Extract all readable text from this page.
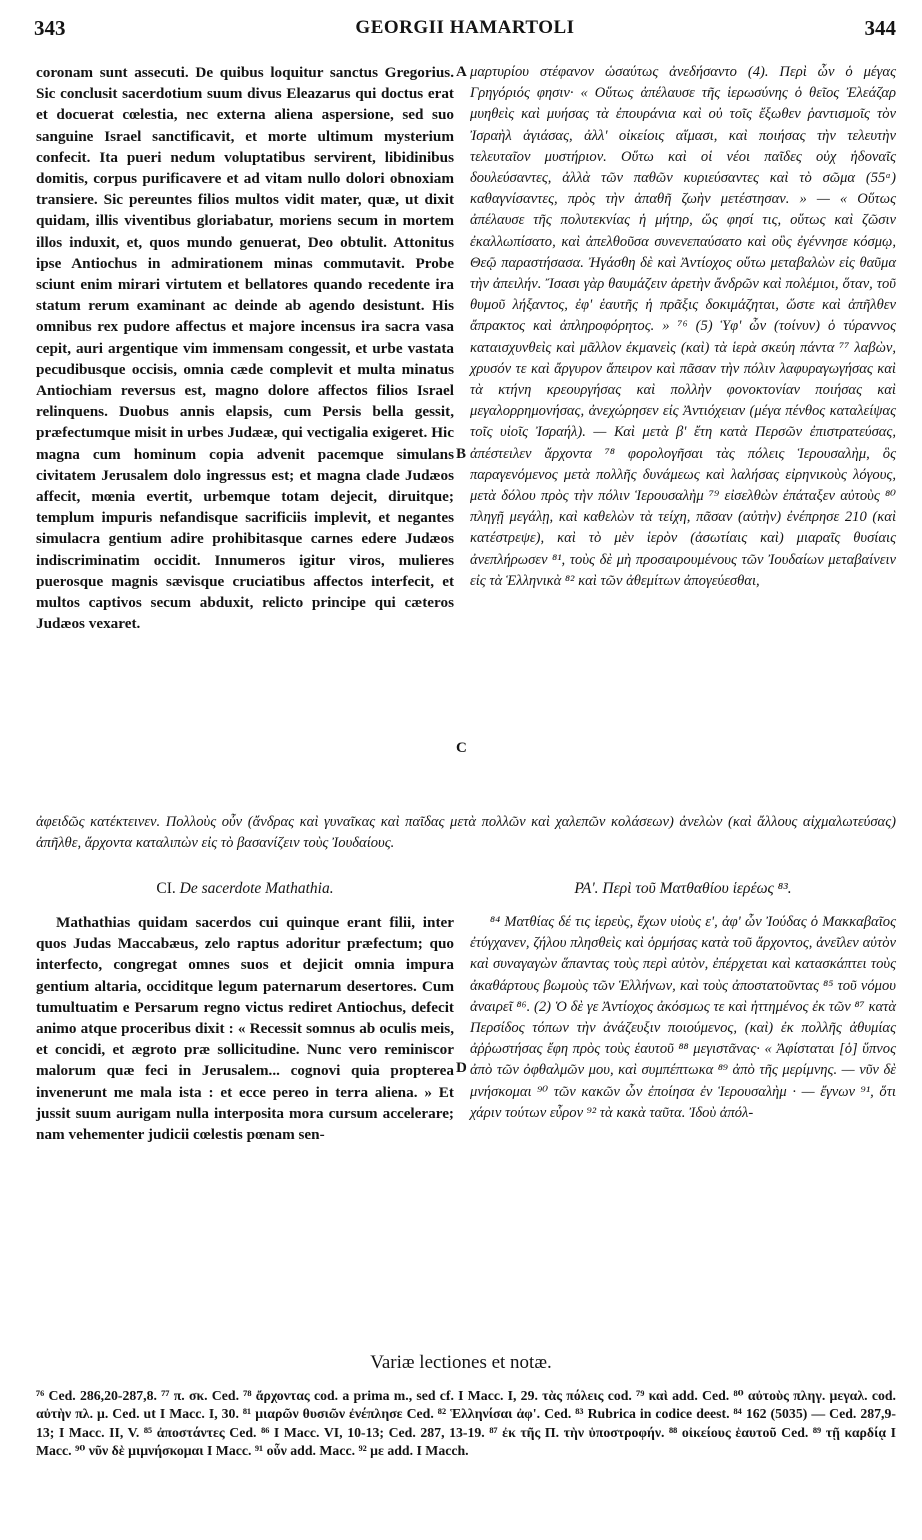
343	GEORGII HAMARTOLI	344

coronam sunt assecuti. De quibus loquitur sanctus Gregorius. Sic conclusit sacerdotium suum divus Eleazarus qui doctus erat et docuerat cœlestia, nec externa aliena aspersione, sed suo sanguine Israel sanctificavit, et morte ultimum mysterium confecit. Ita pueri nedum voluptatibus servirent, libidinibus domitis, corpus purificavere et ad vitam nullo dolori obnoxiam transiere. Sic pereuntes filios multos vidit mater, quæ, ut dixit quidam, illis viventibus gloriabatur, moriens secum in mortem illos induxit, et, quos mundo genuerat, Deo obtulit. Attonitus ipse Antiochus in admirationem minas commutavit. Probe sciunt enim mirari virtutem et bellatores quando recedente ira statum rerum examinant ac deinde ab agendo desistunt. His omnibus rex pudore affectus et majore incensus ira sacra vasa cepit, auri argentique vim immensam congessit, et urbe vastata pecudibusque occisis, omnia cæde complevit et multa minatus Antiochiam reversus est, magno dolore affectos filios Israel relinquens. Duobus annis elapsis, cum Persis bella gessit, præfectumque misit in urbes Judææ, qui vectigalia exigeret. Hic magna cum hominum copia advenit pacemque simulans civitatem Jerusalem dolo ingressus est; et magna clade Judæos affecit, mœnia evertit, urbemque totam dejecit, diruitque; templum impuris nefandisque sacrificiis implevit, et negantes simulacra gentium adire prohibitasque carnes edere Judæos indiscriminatim occidit. Innumeros igitur viros, mulieres puerosque magnis sævisque cruciatibus affectos interfecit, et multos captivos secum abduxit, relicto principe qui cæteros Judæos vexaret.

μαρτυρίου στέφανον ὡσαύτως ἀνεδήσαντο (4). Περὶ ὧν ὁ μέγας Γρηγόριός φησιν· « Οὕτως ἀπέλαυσε τῆς ἱερωσύνης ὁ θεῖος Ἐλεάζαρ μυηθεὶς καὶ μυήσας τὰ ἐπουράνια καὶ οὐ τοῖς ἔξωθεν ῥαντισμοῖς τὸν Ἰσραὴλ ἁγιάσας, ἀλλ' οἰκείοις αἵμασι, καὶ ποιήσας τὴν τελευτὴν τελευταῖον μυστήριον. Οὕτω καὶ οἱ νέοι παῖδες οὐχ ἡδοναῖς δουλεύσαντες, ἀλλὰ τῶν παθῶν κυριεύσαντες καὶ τὸ σῶμα (55ᵃ) καθαγνίσαντες, πρὸς τὴν ἀπαθῆ ζωὴν μετέστησαν. » — « Οὕτως ἀπέλαυσε τῆς πολυτεκνίας ἡ μήτηρ, ὥς φησί τις, οὕτως καὶ ζῶσιν ἐκαλλωπίσατο, καὶ ἀπελθοῦσα συνενεπαύσατο καὶ οὓς ἐγέννησε κόσμῳ, Θεῷ παραστήσασα. Ἠγάσθη δὲ καὶ Ἀντίοχος οὕτω μεταβαλὼν εἰς θαῦμα τὴν ἀπειλήν. Ἴσασι γὰρ θαυμάζειν ἀρετὴν ἄνδρῶν καὶ πολέμιοι, ὅταν, τοῦ θυμοῦ λήξαντος, ἐφ' ἑαυτῆς ἡ πρᾶξις δοκιμάζηται, ὥστε καὶ ἀπῆλθεν ἄπρακτος καὶ ἀπληροφόρητος. » ⁷⁶ (5) Ὑφ' ὧν (τοίνυν) ὁ τύραννος καταισχυνθεὶς καὶ μᾶλλον ἐκμανεὶς (καὶ) τὰ ἱερὰ σκεύη πάντα ⁷⁷ λαβὼν, χρυσόν τε καὶ ἄργυρον ἄπειρον καὶ πᾶσαν τὴν πόλιν λαφυραγωγήσας καὶ τὰ κτήνη κρεουργήσας καὶ πολλὴν φονοκτονίαν ποιήσας καὶ μεγαλορρημονήσας, ἀνεχώρησεν εἰς Ἀντιόχειαν (μέγα πένθος καταλείψας τοῖς υἱοῖς Ἰσραήλ). — Καὶ μετὰ β' ἔτη κατὰ Περσῶν ἐπιστρατεύσας, ἀπέστειλεν ἄρχοντα ⁷⁸ φορολογῆσαι τὰς πόλεις Ἱερουσαλὴμ, ὃς παραγενόμενος μετὰ πολλῆς δυνάμεως καὶ λαλήσας εἰρηνικοὺς λόγους, μετὰ δόλου πρὸς τὴν πόλιν Ἱερουσαλὴμ ⁷⁹ εἰσελθὼν ἐπάταξεν αὐτοὺς ⁸⁰ πληγῇ μεγάλῃ, καὶ καθελὼν τὰ τείχη, πᾶσαν (αὐτὴν) ἐνέπρησε 210 (καὶ κατέστρεψε), καὶ τὸ μὲν ἱερὸν (ἀσωτίαις καὶ) μιαραῖς θυσίαις ἀνεπλήρωσεν ⁸¹, τοὺς δὲ μὴ προσαιρουμένους τῶν Ἰουδαίων μεταβαίνειν εἰς τὰ Ἑλληνικὰ ⁸² καὶ τῶν ἀθεμίτων ἀπογεύεσθαι,

ἀφειδῶς κατέκτεινεν. Πολλοὺς οὖν (ἄνδρας καὶ γυναῖκας καὶ παῖδας μετὰ πολλῶν καὶ χαλεπῶν κολάσεων) ἀνελὼν (καὶ ἄλλους αἰχμαλωτεύσας) ἀπῆλθε, ἄρχοντα καταλιπὼν εἰς τὸ βασανίζειν τοὺς Ἰουδαίους.
A
B
C
D
CI. De sacerdote Mathathia.	ΡΑ'. Περὶ τοῦ Ματθαθίου ἱερέως ⁸³.

Mathathias quidam sacerdos cui quinque erant filii, inter quos Judas Maccabæus, zelo raptus adoritur præfectum; quo interfecto, congregat omnes suos et dejicit omnia impura gentium altaria, occiditque legum paternarum desertores. Cum tumultuatim e Persarum regno victus rediret Antiochus, defecit animo atque proceribus dixit : « Recessit somnus ab oculis meis, et concidi, et ægroto præ sollicitudine. Nunc vero reminiscor malorum quæ feci in Jerusalem... cognovi quia propterea invenerunt me mala ista : et ecce pereo in terra aliena. » Et jussit suum aurigam nulla interposita mora cursum accelerare; nam vehementer judicii cœlestis pœnam sen-

⁸⁴ Ματθίας δέ τις ἱερεὺς, ἔχων υἱοὺς ε', ἀφ' ὧν Ἰούδας ὁ Μακκαβαῖος ἐτύγχανεν, ζήλου πλησθεὶς καὶ ὁρμήσας κατὰ τοῦ ἄρχοντος, ἀνεῖλεν αὐτὸν καὶ συναγαγὼν ἅπαντας τοὺς περὶ αὐτὸν, ἐπέρχεται καὶ κατασκάπτει τοὺς ἀκαθάρτους βωμοὺς τῶν Ἑλλήνων, καὶ τοὺς ἀποστατοῦντας ⁸⁵ τοῦ νόμου ἀναιρεῖ ⁸⁶. (2) Ὁ δὲ γε Ἀντίοχος ἀκόσμως τε καὶ ἡττημένος ἐκ τῶν ⁸⁷ κατὰ Περσίδος τόπων τὴν ἀνάζευξιν ποιούμενος, (καὶ) ἐκ πολλῆς ἀθυμίας ἀῤῥωστήσας ἔφη πρὸς τοὺς ἑαυτοῦ ⁸⁸ μεγιστᾶνας· « Ἀφίσταται [ὁ] ὕπνος ἀπὸ τῶν ὀφθαλμῶν μου, καὶ συμπέπτωκα ⁸⁹ ἀπὸ τῆς μερίμνης. — νῦν δὲ μνήσκομαι ⁹⁰ τῶν κακῶν ὧν ἐποίησα ἐν Ἱερουσαλὴμ · — ἔγνων ⁹¹, ὅτι χάριν τούτων εὗρον ⁹² τὰ κακὰ ταῦτα. Ἰδοὺ ἀπόλ-

Variæ lectiones et notæ.
⁷⁶ Ced. 286,20-287,8. ⁷⁷ π. σκ. Ced. ⁷⁸ ἄρχοντας cod. a prima m., sed cf. I Macc. I, 29. τὰς πόλεις cod. ⁷⁹ καὶ add. Ced. ⁸⁰ αὐτοὺς πληγ. μεγαλ. cod. αὐτὴν πλ. μ. Ced. ut I Macc. I, 30. ⁸¹ μιαρῶν θυσιῶν ἐνέπλησε Ced. ⁸² Ἑλληνίσαι ἀφ'. Ced. ⁸³ Rubrica in codice deest. ⁸⁴ 162 (5035) — Ced. 287,9-13; I Macc. II, V. ⁸⁵ ἀποστάντες Ced. ⁸⁶ I Macc. VI, 10-13; Ced. 287, 13-19. ⁸⁷ ἐκ τῆς Π. τὴν ὑποστροφήν. ⁸⁸ οἰκείους ἑαυτοῦ Ced. ⁸⁹ τῇ καρδίᾳ I Macc. ⁹⁰ νῦν δὲ μιμνήσκομαι I Macc. ⁹¹ οὖν add. Macc. ⁹² με add. I Macch.
